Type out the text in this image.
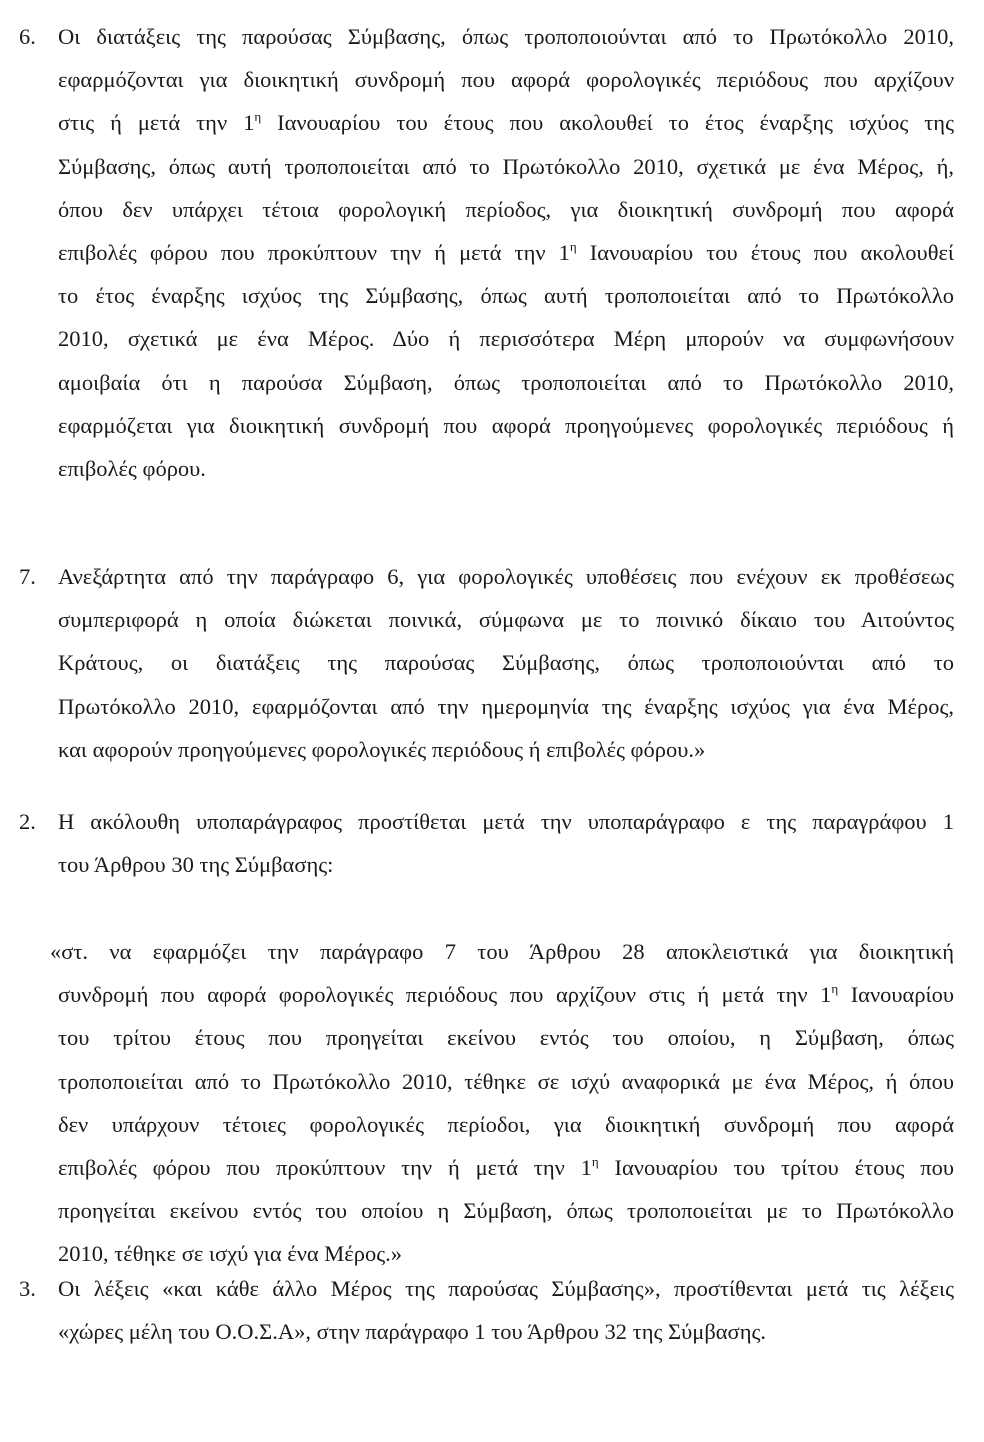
6. Οι διατάξεις της παρούσας Σύμβασης, όπως τροποποιούνται από το Πρωτόκολλο 2010,
εφαρμόζονται για διοικητική συνδρομή που αφορά φορολογικές περιόδους που αρχίζουν
στις ή μετά την $1^\eta$ Ιανουαρίου του έτους που ακολουθεί το έτος έναρξης ισχύος της
Σύμβασης, όπως αυτή τροποποιείται από το Πρωτόκολλο 2010, σχετικά με ένα Μέρος, ή,
όπου δεν υπάρχει τέτοια φορολογική περίοδος, για διοικητική συνδρομή που αφορά
επιβολές φόρου που προκύπτουν την ή μετά την $1^\eta$ Ιανουαρίου του έτους που ακολουθεί
το έτος έναρξης ισχύος της Σύμβασης, όπως αυτή τροποποιείται από το Πρωτόκολλο
2010, σχετικά με ένα Μέρος. Δύο ή περισσότερα Μέρη μπορούν να συμφωνήσουν
αμοιβαία ότι η παρούσα Σύμβαση, όπως τροποποιείται από το Πρωτόκολλο 2010,
εφαρμόζεται για διοικητική συνδρομή που αφορά προηγούμενες φορολογικές περιόδους ή
επιβολές φόρου.
7. Ανεξάρτητα από την παράγραφο 6, για φορολογικές υποθέσεις που ενέχουν εκ προθέσεως
συμπεριφορά η οποία διώκεται ποινικά, σύμφωνα με το ποινικό δίκαιο του Αιτούντος
Κράτους, οι διατάξεις της παρούσας Σύμβασης, όπως τροποποιούνται από το
Πρωτόκολλο 2010, εφαρμόζονται από την ημερομηνία της έναρξης ισχύος για ένα Μέρος,
και αφορούν προηγούμενες φορολογικές περιόδους ή επιβολές φόρου.»
2. Η ακόλουθη υποπαράγραφος προστίθεται μετά την υποπαράγραφο ε της παραγράφου 1
του Άρθρου 30 της Σύμβασης:
«στ. να εφαρμόζει την παράγραφο 7 του Άρθρου 28 αποκλειστικά για διοικητική
συνδρομή που αφορά φορολογικές περιόδους που αρχίζουν στις ή μετά την $1^\eta$ Ιανουαρίου
του τρίτου έτους που προηγείται εκείνου εντός του οποίου, η Σύμβαση, όπως
τροποποιείται από το Πρωτόκολλο 2010, τέθηκε σε ισχύ αναφορικά με ένα Μέρος, ή όπου
δεν υπάρχουν τέτοιες φορολογικές περίοδοι, για διοικητική συνδρομή που αφορά
επιβολές φόρου που προκύπτουν την ή μετά την $1^\eta$ Ιανουαρίου του τρίτου έτους που
προηγείται εκείνου εντός του οποίου η Σύμβαση, όπως τροποποιείται με το Πρωτόκολλο
2010, τέθηκε σε ισχύ για ένα Μέρος.»
3. Οι λέξεις «και κάθε άλλο Μέρος της παρούσας Σύμβασης», προστίθενται μετά τις λέξεις
«χώρες μέλη του Ο.Ο.Σ.Α», στην παράγραφο 1 του Άρθρου 32 της Σύμβασης.
